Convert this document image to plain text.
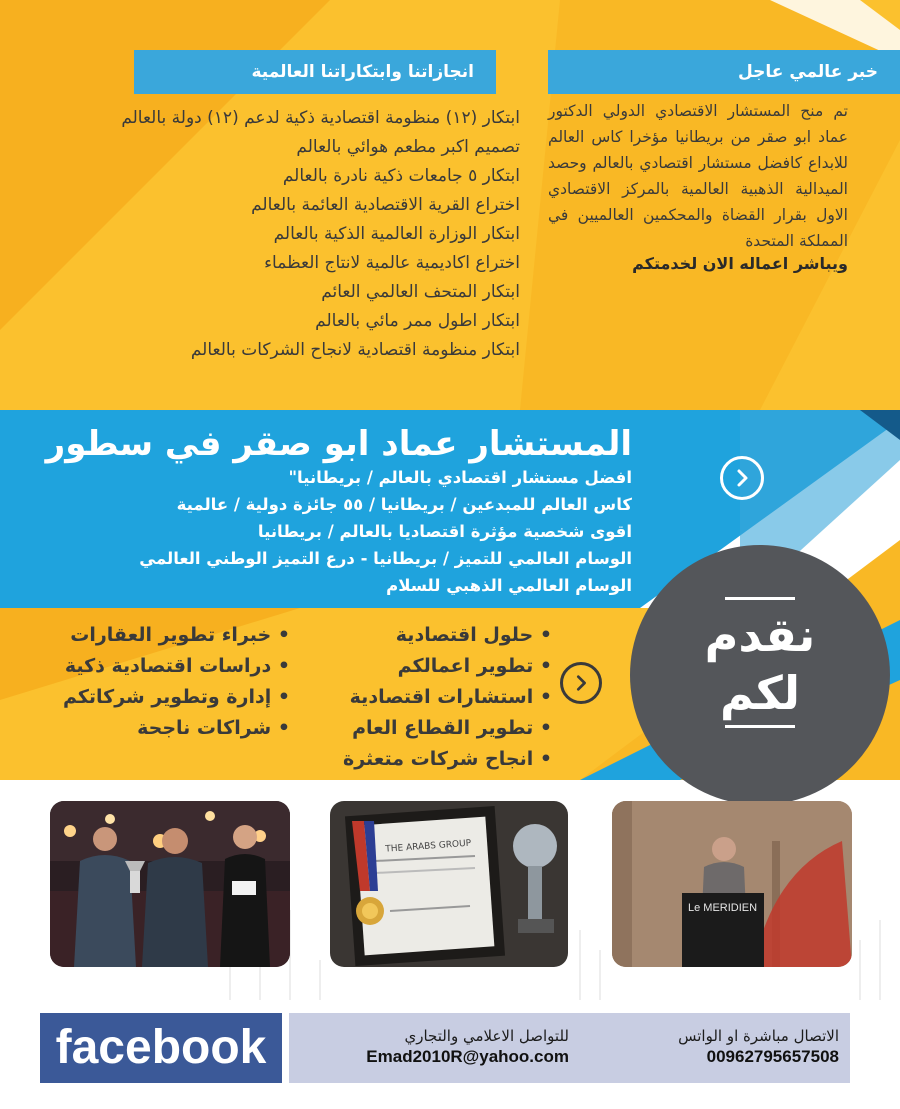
خبر عالمي عاجل
تم منح المستشار الاقتصادي الدولي الدكتور عماد ابو صقر من بريطانيا مؤخرا كاس العالم للابداع كافضل مستشار اقتصادي بالعالم وحصد الميدالية الذهبية العالمية بالمركز الاقتصادي الاول بقرار القضاة والمحكمين العالميين في المملكة المتحدة
ويباشر اعماله الان لخدمتكم
انجازاتنا وابتكاراتنا العالمية
ابتكار (١٢) منظومة اقتصادية ذكية لدعم (١٢) دولة بالعالم
تصميم اكبر مطعم هوائي بالعالم
ابتكار ٥ جامعات ذكية نادرة بالعالم
اختراع القرية الاقتصادية العائمة بالعالم
ابتكار الوزارة العالمية الذكية بالعالم
اختراع اكاديمية عالمية لانتاج العظماء
ابتكار المتحف العالمي العائم
ابتكار اطول ممر مائي بالعالم
ابتكار منظومة اقتصادية لانجاح الشركات بالعالم
المستشار عماد ابو صقر في سطور
افضل مستشار اقتصادي بالعالم / بريطانيا"
كاس العالم للمبدعين / بريطانيا / ٥٥ جائزة دولية / عالمية
اقوى شخصية مؤثرة اقتصاديا بالعالم / بريطانيا
الوسام العالمي للتميز / بريطانيا - درع التميز الوطني العالمي
الوسام العالمي الذهبي للسلام
نقدم
لكم
• حلول اقتصادية
• تطوير اعمالكم
• استشارات اقتصادية
• تطوير القطاع العام
• انجاح شركات متعثرة
• خبراء تطوير العقارات
• دراسات اقتصادية ذكية
• إدارة وتطوير شركاتكم
• شراكات ناجحة
THE ARABS GROUP
Le MERIDIEN
facebook	للتواصل الاعلامي والتجاري
Emad2010R@yahoo.com
الاتصال مباشرة او الواتس
00962795657508
